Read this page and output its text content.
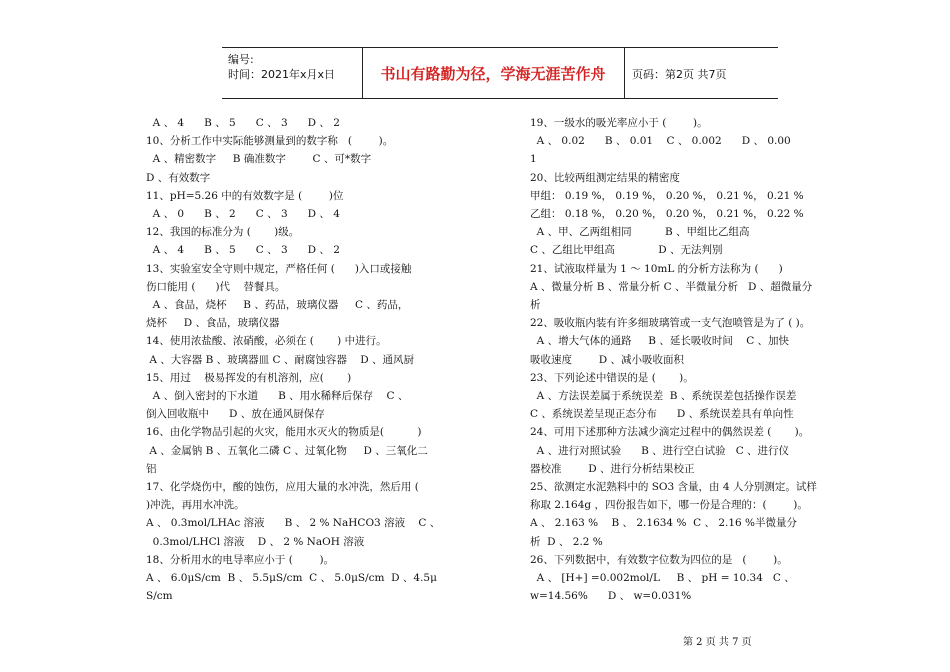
编号:
时间：2021年x月x日	书山有路勤为径，学海无涯苦作舟	页码：第2页 共7页
A 、 4      B 、 5      C 、 3      D 、 2
10、分析工作中实际能够测量到的数字称   (        )。
A 、精密数字     B 确准数字        C 、可*数字
D 、有效数字
11、pH=5.26 中的有效数字是 (        )位
A 、 0      B 、 2      C 、 3      D 、 4
12、我国的标准分为 (       )级。
A 、 4      B 、 5      C 、 3      D 、 2
13、实验室安全守则中规定，严格任何 (      )入口或接触
伤口能用 (      )代    替餐具。
A 、食品，烧杯     B 、药品，玻璃仪器     C 、药品，
烧杯     D 、食品，玻璃仪器
14、使用浓盐酸、浓硝酸，必须在 (       ) 中进行。
A 、大容器 B 、玻璃器皿 C 、耐腐蚀容器    D 、通风厨
15、用过    极易挥发的有机溶剂，应(       )
A 、倒入密封的下水道      B 、用水稀释后保存    C 、
倒入回收瓶中      D 、放在通风厨保存
16、由化学物品引起的火灾，能用水灭火的物质是(          )
A 、金属钠 B 、五氧化二磷 C 、过氧化物     D 、三氧化二
铝
17、化学烧伤中，酸的蚀伤，应用大量的水冲洗，然后用 (
)冲洗，再用水冲洗。
A 、 0.3mol/LHAc 溶液      B 、 2 % NaHCO3 溶液    C 、
0.3mol/LHCl 溶液    D 、 2 % NaOH 溶液
18、分析用水的电导率应小于 (        )。
A 、 6.0μS/cm  B 、 5.5μS/cm  C 、 5.0μS/cm  D 、4.5μ
S/cm
19、一级水的吸光率应小于 (        )。
A 、 0.02      B 、 0.01    C 、 0.002      D 、 0.00
1
20、比较两组测定结果的精密度
甲组： 0.19 %， 0.19 %， 0.20 %， 0.21 %， 0.21 %
乙组： 0.18 %， 0.20 %， 0.20 %， 0.21 %， 0.22 %
A 、甲、乙两组相同          B 、甲组比乙组高
C 、乙组比甲组高             D 、无法判别
21、试液取样量为 1 ～ 10mL 的分析方法称为 (      )
A 、微量分析 B 、常量分析 C 、半微量分析   D 、超微量分
析
22、吸收瓶内装有许多细玻璃管或一支气泡喷管是为了 ( )。
A 、增大气体的通路     B 、延长吸收时间    C 、加快
吸收速度        D 、减小吸收面积
23、下列论述中错误的是 (       )。
A 、方法误差属于系统误差  B 、系统误差包括操作误差
C 、系统误差呈现正态分布      D 、系统误差具有单向性
24、可用下述那种方法减少滴定过程中的偶然误差 (       )。
A 、进行对照试验      B 、进行空白试验   C 、进行仪
器校准        D 、进行分析结果校正
25、欲测定水泥熟料中的 SO3 含量，由 4 人分别测定。试样
称取 2.164g ，四份报告如下，哪一份是合理的：(        )。
A 、 2.163 %    B 、 2.1634 %  C 、 2.16 %半微量分
析  D 、 2.2 %
26、下列数据中，有效数字位数为四位的是   (        )。
A 、 [H+] =0.002mol/L     B 、 pH = 10.34   C 、
w=14.56%      D 、 w=0.031%
第 2 页 共 7 页
